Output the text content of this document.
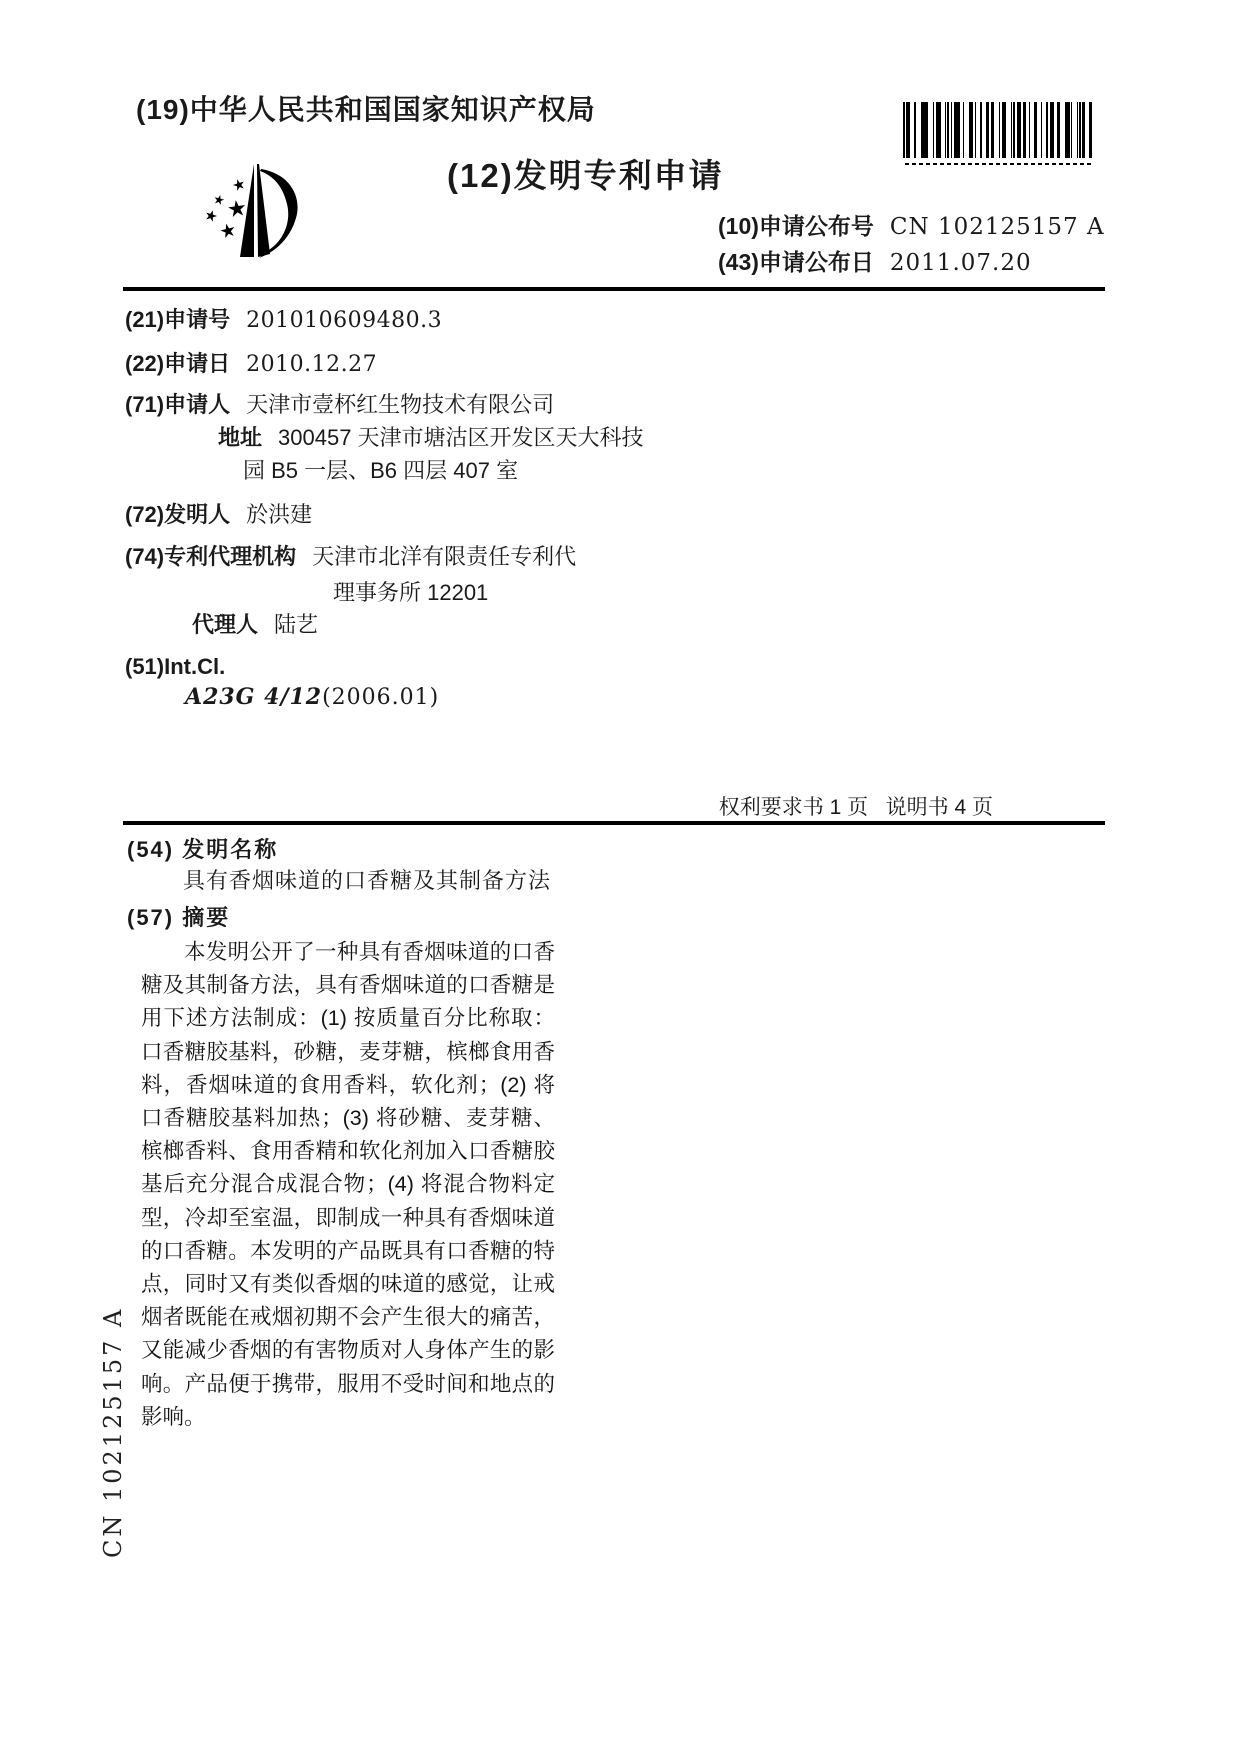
(19)中华人民共和国国家知识产权局
(12)发明专利申请
(10)申请公布号 CN 102125157 A
(43)申请公布日 2011.07.20
(21)申请号 201010609480.3
(22)申请日 2010.12.27
(71)申请人 天津市壹杯红生物技术有限公司
地址 300457 天津市塘沽区开发区天大科技
园 B5 一层、B6 四层 407 室
(72)发明人 於洪建
(74)专利代理机构 天津市北洋有限责任专利代
理事务所 12201
代理人 陆艺
(51)Int.Cl.
A23G 4/12(2006.01)
权利要求书 1 页   说明书 4 页
(54) 发明名称
具有香烟味道的口香糖及其制备方法
(57) 摘要
本发明公开了一种具有香烟味道的口香糖及其制备方法，具有香烟味道的口香糖是用下述方法制成：(1) 按质量百分比称取：口香糖胶基料，砂糖，麦芽糖，槟榔食用香料，香烟味道的食用香料，软化剂；(2) 将口香糖胶基料加热；(3) 将砂糖、麦芽糖、槟榔香料、食用香精和软化剂加入口香糖胶基后充分混合成混合物；(4) 将混合物料定型，冷却至室温，即制成一种具有香烟味道的口香糖。本发明的产品既具有口香糖的特点，同时又有类似香烟的味道的感觉，让戒烟者既能在戒烟初期不会产生很大的痛苦，又能减少香烟的有害物质对人身体产生的影响。产品便于携带，服用不受时间和地点的影响。
CN 102125157 A
